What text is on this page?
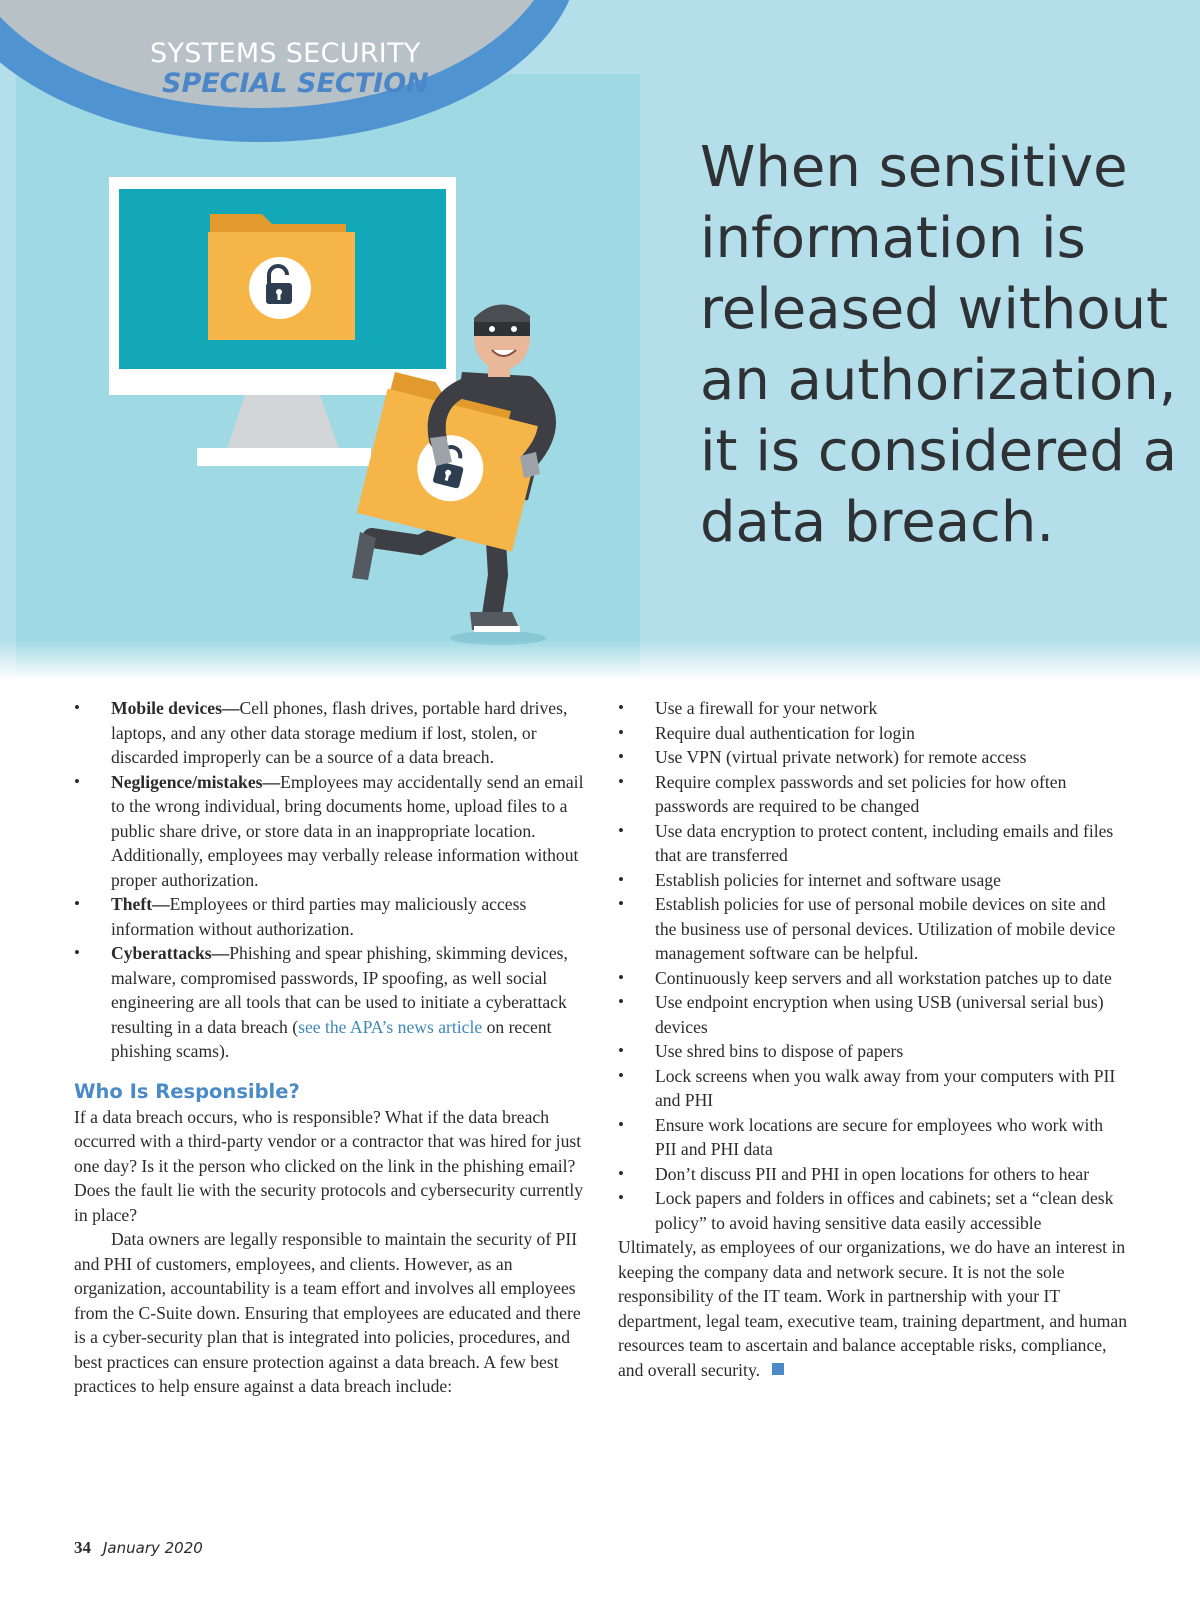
SYSTEMS SECURITY
SPECIAL SECTION
When sensitive information is released without an authorization, it is considered a data breach.
• Mobile devices—Cell phones, flash drives, portable hard drives, laptops, and any other data storage medium if lost, stolen, or discarded improperly can be a source of a data breach.
• Negligence/mistakes—Employees may accidentally send an email to the wrong individual, bring documents home, upload files to a public share drive, or store data in an inappropriate location. Additionally, employees may verbally release information without proper authorization.
• Theft—Employees or third parties may maliciously access information without authorization.
• Cyberattacks—Phishing and spear phishing, skimming devices, malware, compromised passwords, IP spoofing, as well social engineering are all tools that can be used to initiate a cyberattack resulting in a data breach (see the APA’s news article on recent phishing scams).
Who Is Responsible?

If a data breach occurs, who is responsible? What if the data breach occurred with a third-party vendor or a contractor that was hired for just one day? Is it the person who clicked on the link in the phishing email? Does the fault lie with the security protocols and cybersecurity currently in place?

Data owners are legally responsible to maintain the security of PII and PHI of customers, employees, and clients. However, as an organization, accountability is a team effort and involves all employees from the C-Suite down. Ensuring that employees are educated and there is a cyber-security plan that is integrated into policies, procedures, and best practices can ensure protection against a data breach. A few best practices to help ensure against a data breach include:

• Use a firewall for your network
• Require dual authentication for login
• Use VPN (virtual private network) for remote access
• Require complex passwords and set policies for how often passwords are required to be changed
• Use data encryption to protect content, including emails and files that are transferred
• Establish policies for internet and software usage
• Establish policies for use of personal mobile devices on site and the business use of personal devices. Utilization of mobile device management software can be helpful.
• Continuously keep servers and all workstation patches up to date
• Use endpoint encryption when using USB (universal serial bus) devices
• Use shred bins to dispose of papers
• Lock screens when you walk away from your computers with PII and PHI
• Ensure work locations are secure for employees who work with PII and PHI data
• Don’t discuss PII and PHI in open locations for others to hear
• Lock papers and folders in offices and cabinets; set a “clean desk policy” to avoid having sensitive data easily accessible

Ultimately, as employees of our organizations, we do have an interest in keeping the company data and network secure. It is not the sole responsibility of the IT team. Work in partnership with your IT department, legal team, executive team, training department, and human resources team to ascertain and balance acceptable risks, compliance, and overall security.

34 January 2020
